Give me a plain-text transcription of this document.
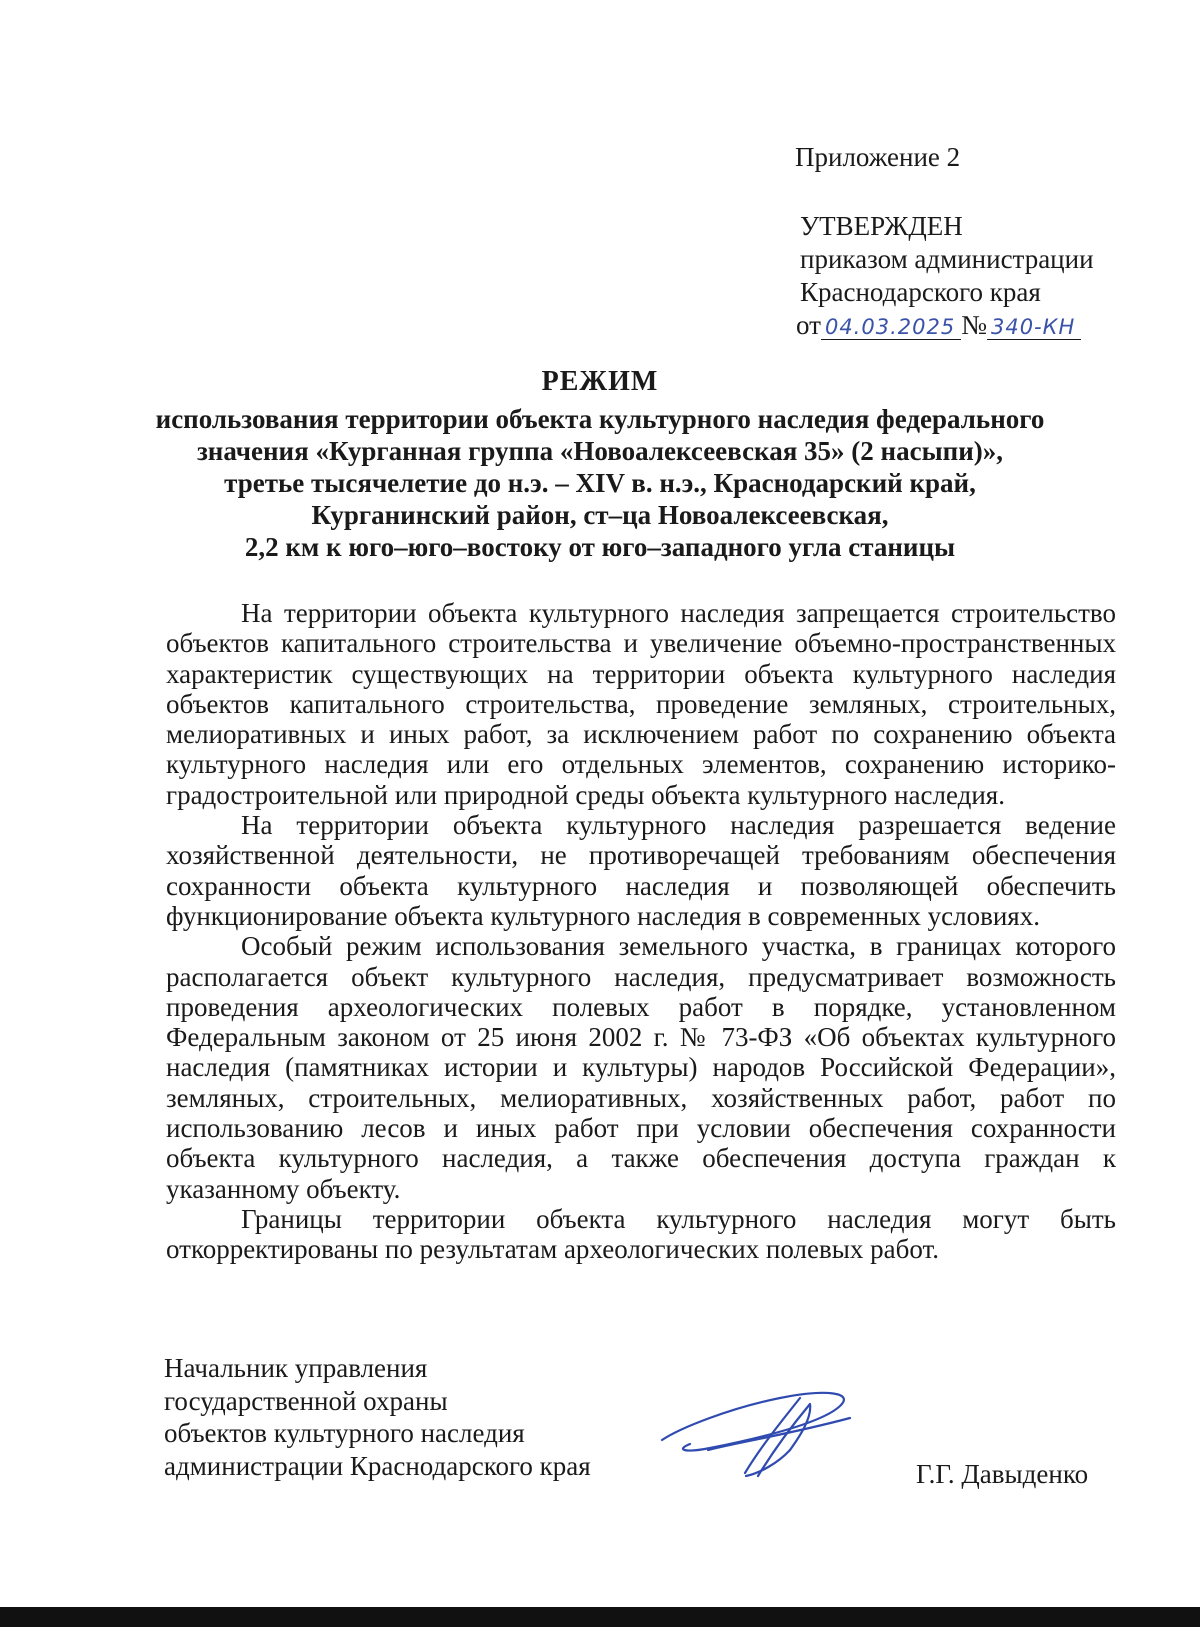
Приложение 2
УТВЕРЖДЕН
приказом администрации
Краснодарского края
от 04.03.2025 № 340-КН
РЕЖИМ
использования территории объекта культурного наследия федерального
значения «Курганная группа «Новоалексеевская 35» (2 насыпи)»,
третье тысячелетие до н.э. – XIV в. н.э., Краснодарский край,
Курганинский район, ст–ца Новоалексеевская,
2,2 км к юго–юго–востоку от юго–западного угла станицы

На территории объекта культурного наследия запрещается строительство объектов капитального строительства и увеличение объемно-пространственных характеристик существующих на территории объекта культурного наследия объектов капитального строительства, проведение земляных, строительных, мелиоративных и иных работ, за исключением работ по сохранению объекта культурного наследия или его отдельных элементов, сохранению историко-градостроительной или природной среды объекта культурного наследия.

На территории объекта культурного наследия разрешается ведение хозяйственной деятельности, не противоречащей требованиям обеспечения сохранности объекта культурного наследия и позволяющей обеспечить функционирование объекта культурного наследия в современных условиях.

Особый режим использования земельного участка, в границах которого располагается объект культурного наследия, предусматривает возможность проведения археологических полевых работ в порядке, установленном Федеральным законом от 25 июня 2002 г. № 73-ФЗ «Об объектах культурного наследия (памятниках истории и культуры) народов Российской Федерации», земляных, строительных, мелиоративных, хозяйственных работ, работ по использованию лесов и иных работ при условии обеспечения сохранности объекта культурного наследия, а также обеспечения доступа граждан к указанному объекту.

Границы территории объекта культурного наследия могут быть откорректированы по результатам археологических полевых работ.

Начальник управления
государственной охраны
объектов культурного наследия
администрации Краснодарского края	Г.Г. Давыденко
